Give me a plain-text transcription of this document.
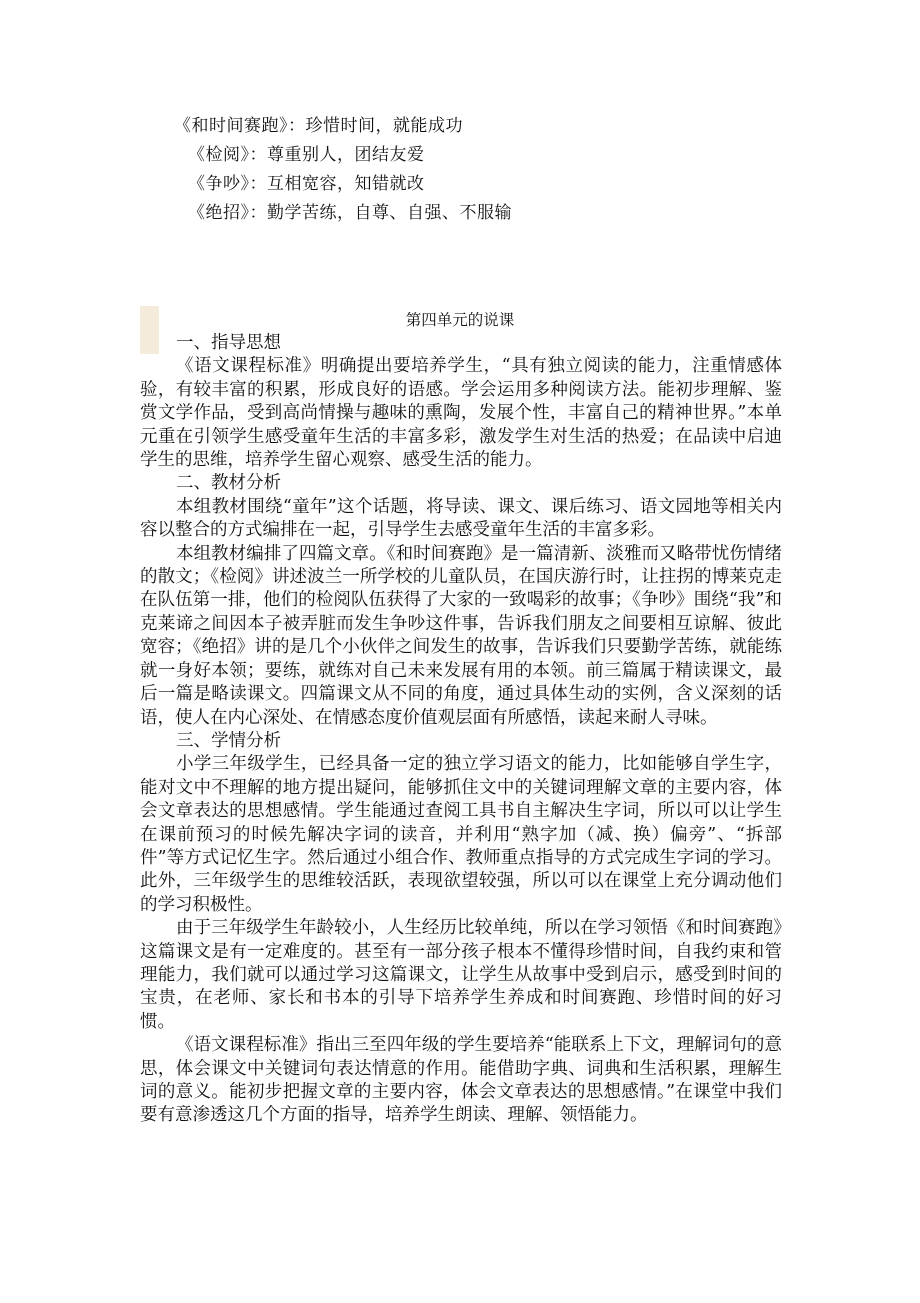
《和时间赛跑》：珍惜时间，就能成功

《检阅》：尊重别人，团结友爱

《争吵》：互相宽容，知错就改

《绝招》：勤学苦练，自尊、自强、不服输

第四单元的说课

一、指导思想

《语文课程标准》明确提出要培养学生，“具有独立阅读的能力，注重情感体验，有较丰富的积累，形成良好的语感。学会运用多种阅读方法。能初步理解、鉴赏文学作品，受到高尚情操与趣味的熏陶，发展个性，丰富自己的精神世界。”本单元重在引领学生感受童年生活的丰富多彩，激发学生对生活的热爱；在品读中启迪学生的思维，培养学生留心观察、感受生活的能力。

二、教材分析

本组教材围绕“童年”这个话题，将导读、课文、课后练习、语文园地等相关内容以整合的方式编排在一起，引导学生去感受童年生活的丰富多彩。

本组教材编排了四篇文章。《和时间赛跑》是一篇清新、淡雅而又略带忧伤情绪的散文；《检阅》讲述波兰一所学校的儿童队员，在国庆游行时，让拄拐的博莱克走在队伍第一排，他们的检阅队伍获得了大家的一致喝彩的故事；《争吵》围绕“我”和克莱谛之间因本子被弄脏而发生争吵这件事，告诉我们朋友之间要相互谅解、彼此宽容；《绝招》讲的是几个小伙伴之间发生的故事，告诉我们只要勤学苦练，就能练就一身好本领；要练，就练对自己未来发展有用的本领。前三篇属于精读课文，最后一篇是略读课文。四篇课文从不同的角度，通过具体生动的实例，含义深刻的话语，使人在内心深处、在情感态度价值观层面有所感悟，读起来耐人寻味。

三、学情分析

小学三年级学生，已经具备一定的独立学习语文的能力，比如能够自学生字，能对文中不理解的地方提出疑问，能够抓住文中的关键词理解文章的主要内容，体会文章表达的思想感情。学生能通过查阅工具书自主解决生字词，所以可以让学生在课前预习的时候先解决字词的读音，并利用“熟字加（减、换）偏旁”、“拆部件”等方式记忆生字。然后通过小组合作、教师重点指导的方式完成生字词的学习。此外，三年级学生的思维较活跃，表现欲望较强，所以可以在课堂上充分调动他们的学习积极性。

由于三年级学生年龄较小，人生经历比较单纯，所以在学习领悟《和时间赛跑》这篇课文是有一定难度的。甚至有一部分孩子根本不懂得珍惜时间，自我约束和管理能力，我们就可以通过学习这篇课文，让学生从故事中受到启示，感受到时间的宝贵，在老师、家长和书本的引导下培养学生养成和时间赛跑、珍惜时间的好习惯。

《语文课程标准》指出三至四年级的学生要培养“能联系上下文，理解词句的意思，体会课文中关键词句表达情意的作用。能借助字典、词典和生活积累，理解生词的意义。能初步把握文章的主要内容，体会文章表达的思想感情。”在课堂中我们要有意渗透这几个方面的指导，培养学生朗读、理解、领悟能力。
